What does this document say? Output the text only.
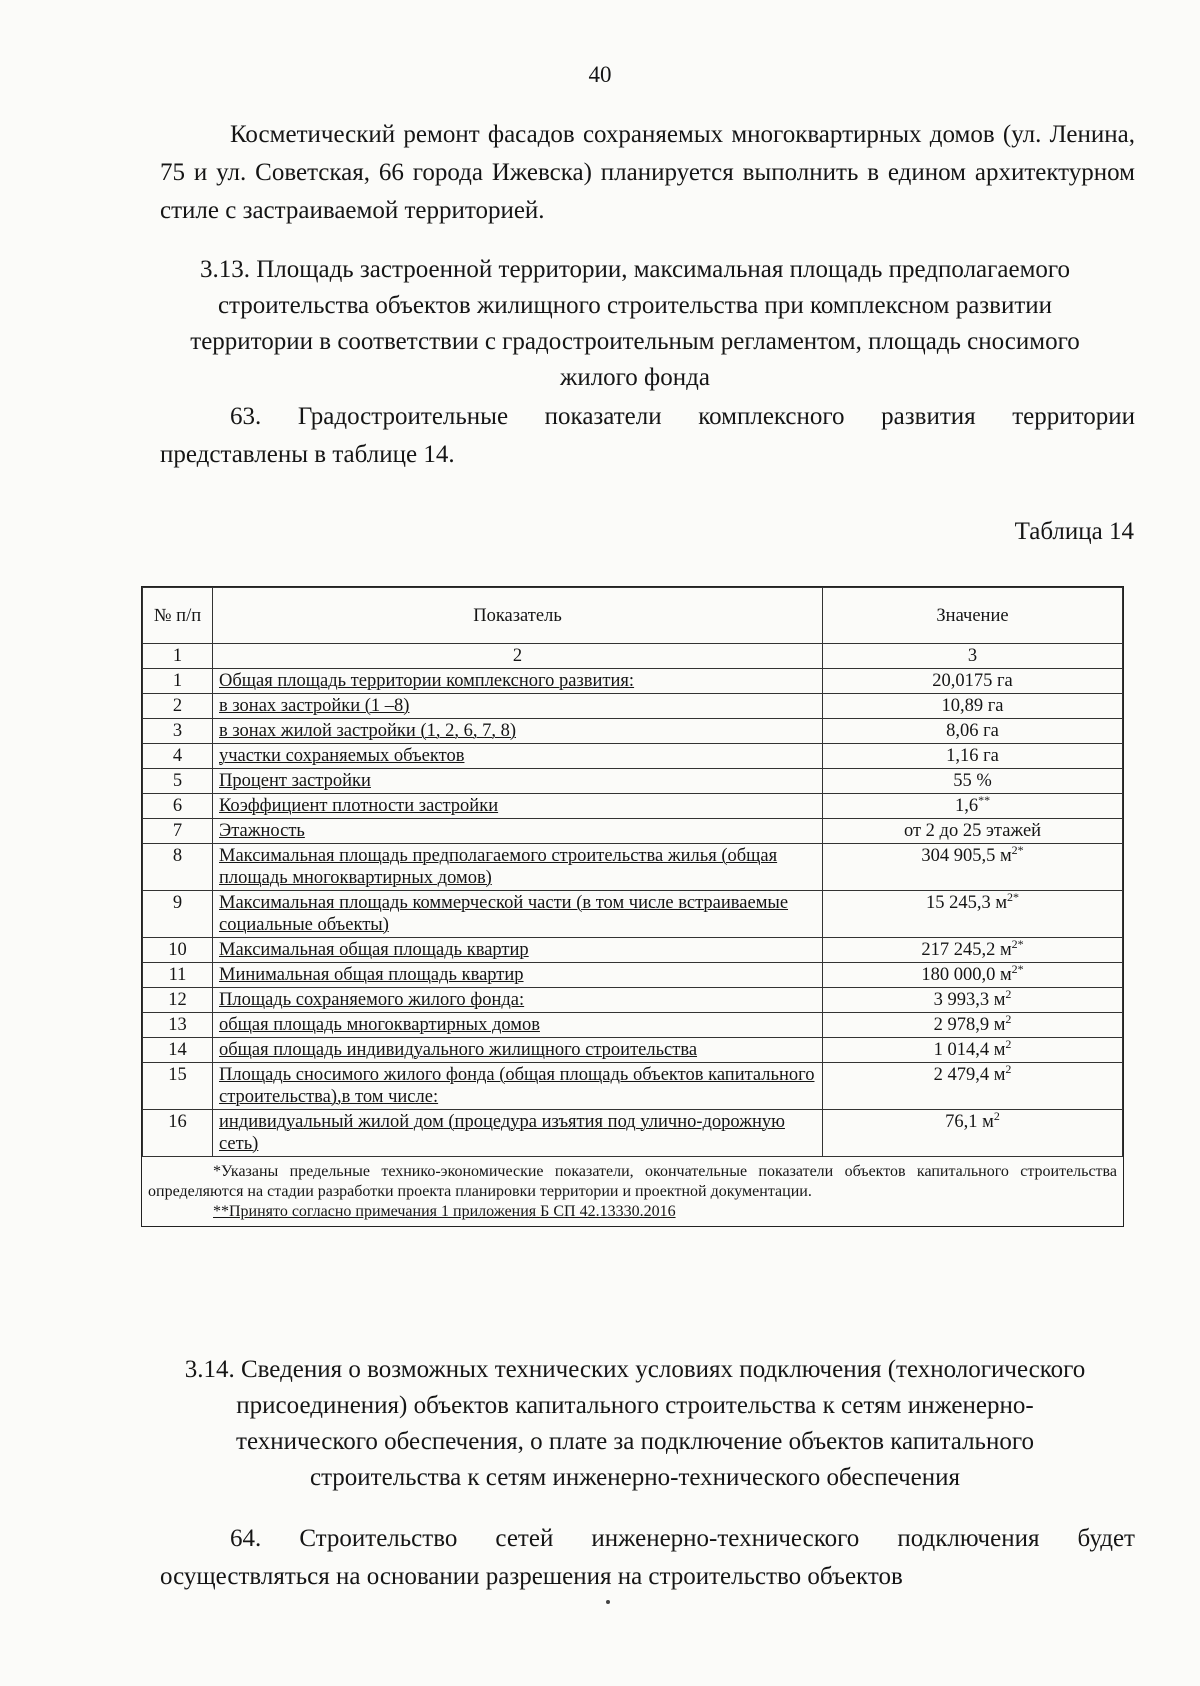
40
Косметический ремонт фасадов сохраняемых многоквартирных домов (ул. Ленина, 75 и ул. Советская, 66 города Ижевска) планируется выполнить в едином архитектурном стиле с застраиваемой территорией.
3.13. Площадь застроенной территории, максимальная площадь предполагаемого строительства объектов жилищного строительства при комплексном развитии территории в соответствии с градостроительным регламентом, площадь сносимого жилого фонда
63. Градостроительные показатели комплексного развития территории представлены в таблице 14.
Таблица 14
№ п/п	Показатель	Значение
1	2	3
1	Общая площадь территории комплексного развития:	20,0175 га
2	в зонах застройки (1 –8)	10,89 га
3	в зонах жилой застройки (1, 2, 6, 7, 8)	8,06 га
4	участки сохраняемых объектов	1,16 га
5	Процент застройки	55 %
6	Коэффициент плотности застройки	1,6**
7	Этажность	от 2 до 25 этажей
8	Максимальная площадь предполагаемого строительства жилья (общая площадь многоквартирных домов)	304 905,5 $м^{2*}$
9	Максимальная площадь коммерческой части (в том числе встраиваемые социальные объекты)	15 245,3 $м^{2*}$
10	Максимальная общая площадь квартир	217 245,2 $м^{2*}$
11	Минимальная общая площадь квартир	180 000,0 $м^{2*}$
12	Площадь сохраняемого жилого фонда:	3 993,3 $м^2$
13	общая площадь многоквартирных домов	2 978,9 $м^2$
14	общая площадь индивидуального жилищного строительства	1 014,4 $м^2$
15	Площадь сносимого жилого фонда (общая площадь объектов капитального строительства),в том числе:	2 479,4 $м^2$
16	индивидуальный жилой дом (процедура изъятия под улично-дорожную сеть)	76,1 $м^2$

*Указаны предельные технико-экономические показатели, окончательные показатели объектов капитального строительства определяются на стадии разработки проекта планировки территории и проектной документации.

**Принято согласно примечания 1 приложения Б СП 42.13330.2016

3.14. Сведения о возможных технических условиях подключения (технологического присоединения) объектов капитального строительства к сетям инженерно-технического обеспечения, о плате за подключение объектов капитального строительства к сетям инженерно-технического обеспечения
64. Строительство сетей инженерно-технического подключения будет осуществляться на основании разрешения на строительство объектов
